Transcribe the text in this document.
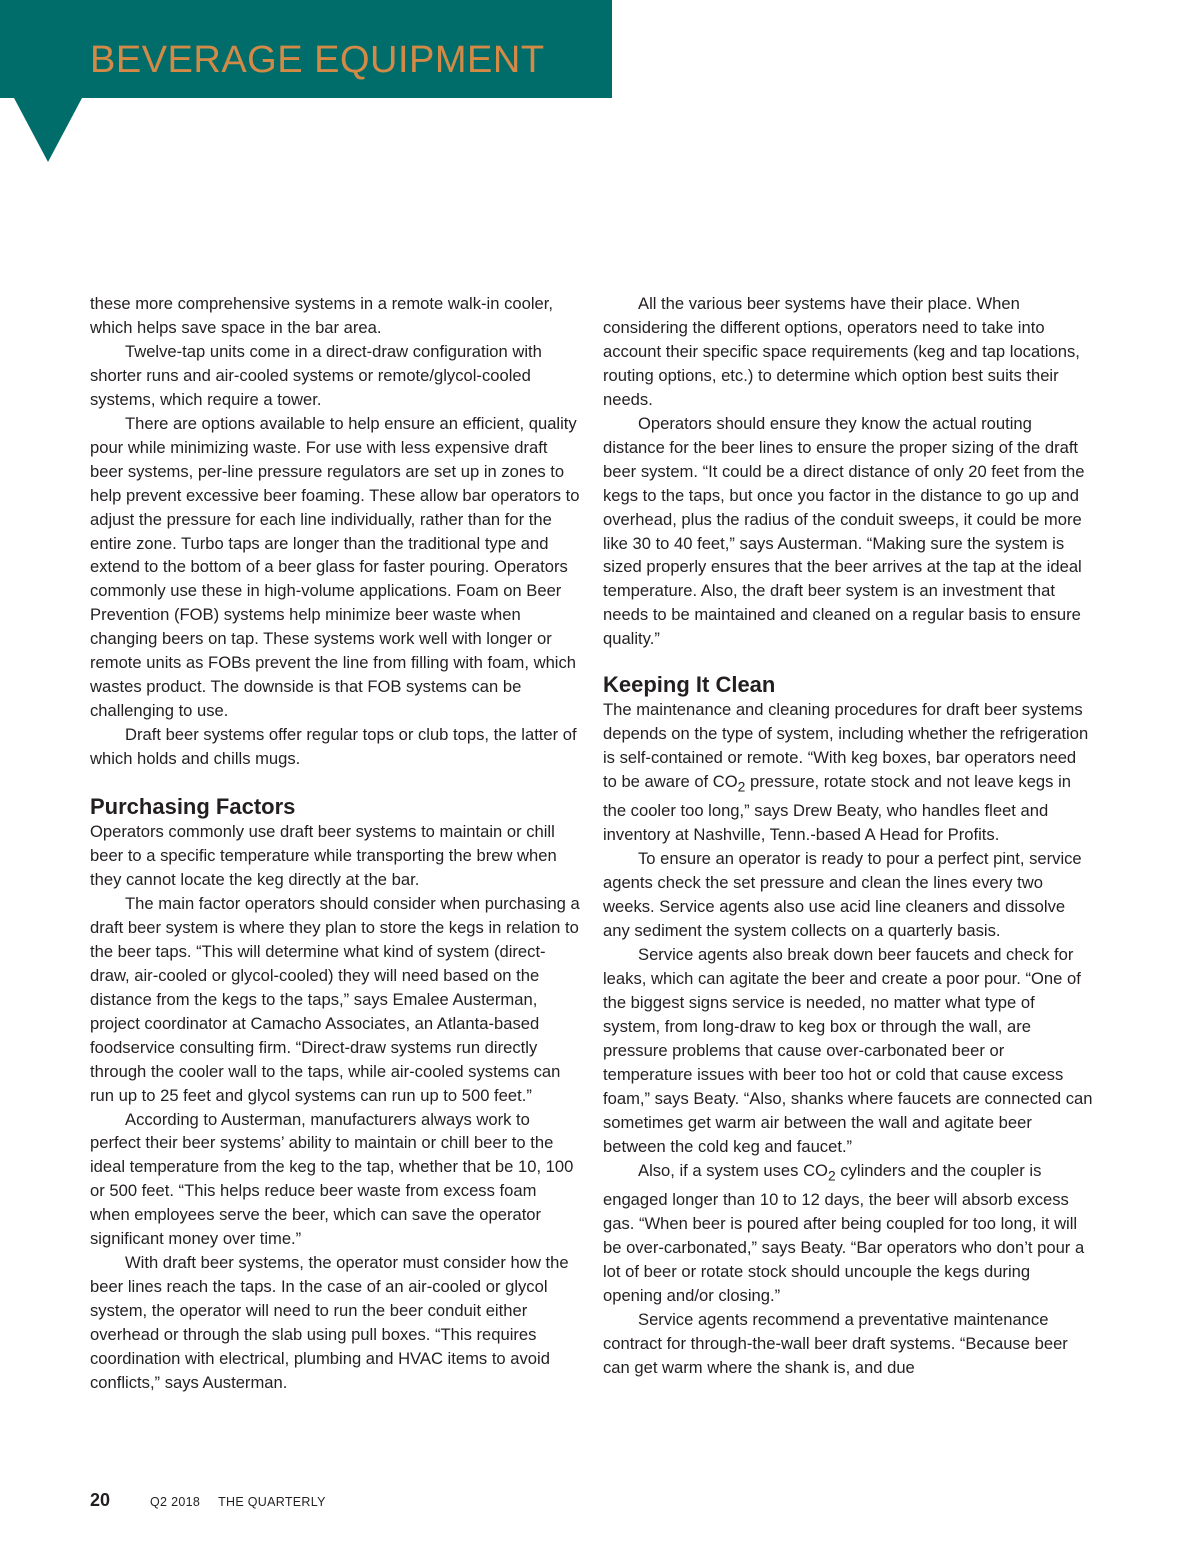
BEVERAGE EQUIPMENT

these more comprehensive systems in a remote walk-in cooler, which helps save space in the bar area.

Twelve-tap units come in a direct-draw configuration with shorter runs and air-cooled systems or remote/glycol-cooled systems, which require a tower.

There are options available to help ensure an efficient, quality pour while minimizing waste. For use with less expensive draft beer systems, per-line pressure regulators are set up in zones to help prevent excessive beer foaming. These allow bar operators to adjust the pressure for each line individually, rather than for the entire zone. Turbo taps are longer than the traditional type and extend to the bottom of a beer glass for faster pouring. Operators commonly use these in high-volume applications. Foam on Beer Prevention (FOB) systems help minimize beer waste when changing beers on tap. These systems work well with longer or remote units as FOBs prevent the line from filling with foam, which wastes product. The downside is that FOB systems can be challenging to use.

Draft beer systems offer regular tops or club tops, the latter of which holds and chills mugs.

Purchasing Factors

Operators commonly use draft beer systems to maintain or chill beer to a specific temperature while transporting the brew when they cannot locate the keg directly at the bar.

The main factor operators should consider when purchasing a draft beer system is where they plan to store the kegs in relation to the beer taps. “This will determine what kind of system (direct-draw, air-cooled or glycol-cooled) they will need based on the distance from the kegs to the taps,” says Emalee Austerman, project coordinator at Camacho Associates, an Atlanta-based foodservice consulting firm. “Direct-draw systems run directly through the cooler wall to the taps, while air-cooled systems can run up to 25 feet and glycol systems can run up to 500 feet.”

According to Austerman, manufacturers always work to perfect their beer systems’ ability to maintain or chill beer to the ideal temperature from the keg to the tap, whether that be 10, 100 or 500 feet. “This helps reduce beer waste from excess foam when employees serve the beer, which can save the operator significant money over time.”

With draft beer systems, the operator must consider how the beer lines reach the taps. In the case of an air-cooled or glycol system, the operator will need to run the beer conduit either overhead or through the slab using pull boxes. “This requires coordination with electrical, plumbing and HVAC items to avoid conflicts,” says Austerman.

All the various beer systems have their place. When considering the different options, operators need to take into account their specific space requirements (keg and tap locations, routing options, etc.) to determine which option best suits their needs.

Operators should ensure they know the actual routing distance for the beer lines to ensure the proper sizing of the draft beer system. “It could be a direct distance of only 20 feet from the kegs to the taps, but once you factor in the distance to go up and overhead, plus the radius of the conduit sweeps, it could be more like 30 to 40 feet,” says Austerman. “Making sure the system is sized properly ensures that the beer arrives at the tap at the ideal temperature. Also, the draft beer system is an investment that needs to be maintained and cleaned on a regular basis to ensure quality.”

Keeping It Clean

The maintenance and cleaning procedures for draft beer systems depends on the type of system, including whether the refrigeration is self-contained or remote. “With keg boxes, bar operators need to be aware of $CO_2$ pressure, rotate stock and not leave kegs in the cooler too long,” says Drew Beaty, who handles fleet and inventory at Nashville, Tenn.-based A Head for Profits.

To ensure an operator is ready to pour a perfect pint, service agents check the set pressure and clean the lines every two weeks. Service agents also use acid line cleaners and dissolve any sediment the system collects on a quarterly basis.

Service agents also break down beer faucets and check for leaks, which can agitate the beer and create a poor pour. “One of the biggest signs service is needed, no matter what type of system, from long-draw to keg box or through the wall, are pressure problems that cause over-carbonated beer or temperature issues with beer too hot or cold that cause excess foam,” says Beaty. “Also, shanks where faucets are connected can sometimes get warm air between the wall and agitate beer between the cold keg and faucet.”

Also, if a system uses $CO_2$ cylinders and the coupler is engaged longer than 10 to 12 days, the beer will absorb excess gas. “When beer is poured after being coupled for too long, it will be over-carbonated,” says Beaty. “Bar operators who don’t pour a lot of beer or rotate stock should uncouple the kegs during opening and/or closing.”

Service agents recommend a preventative maintenance contract for through-the-wall beer draft systems. “Because beer can get warm where the shank is, and due

20	Q2 2018 THE QUARTERLY
